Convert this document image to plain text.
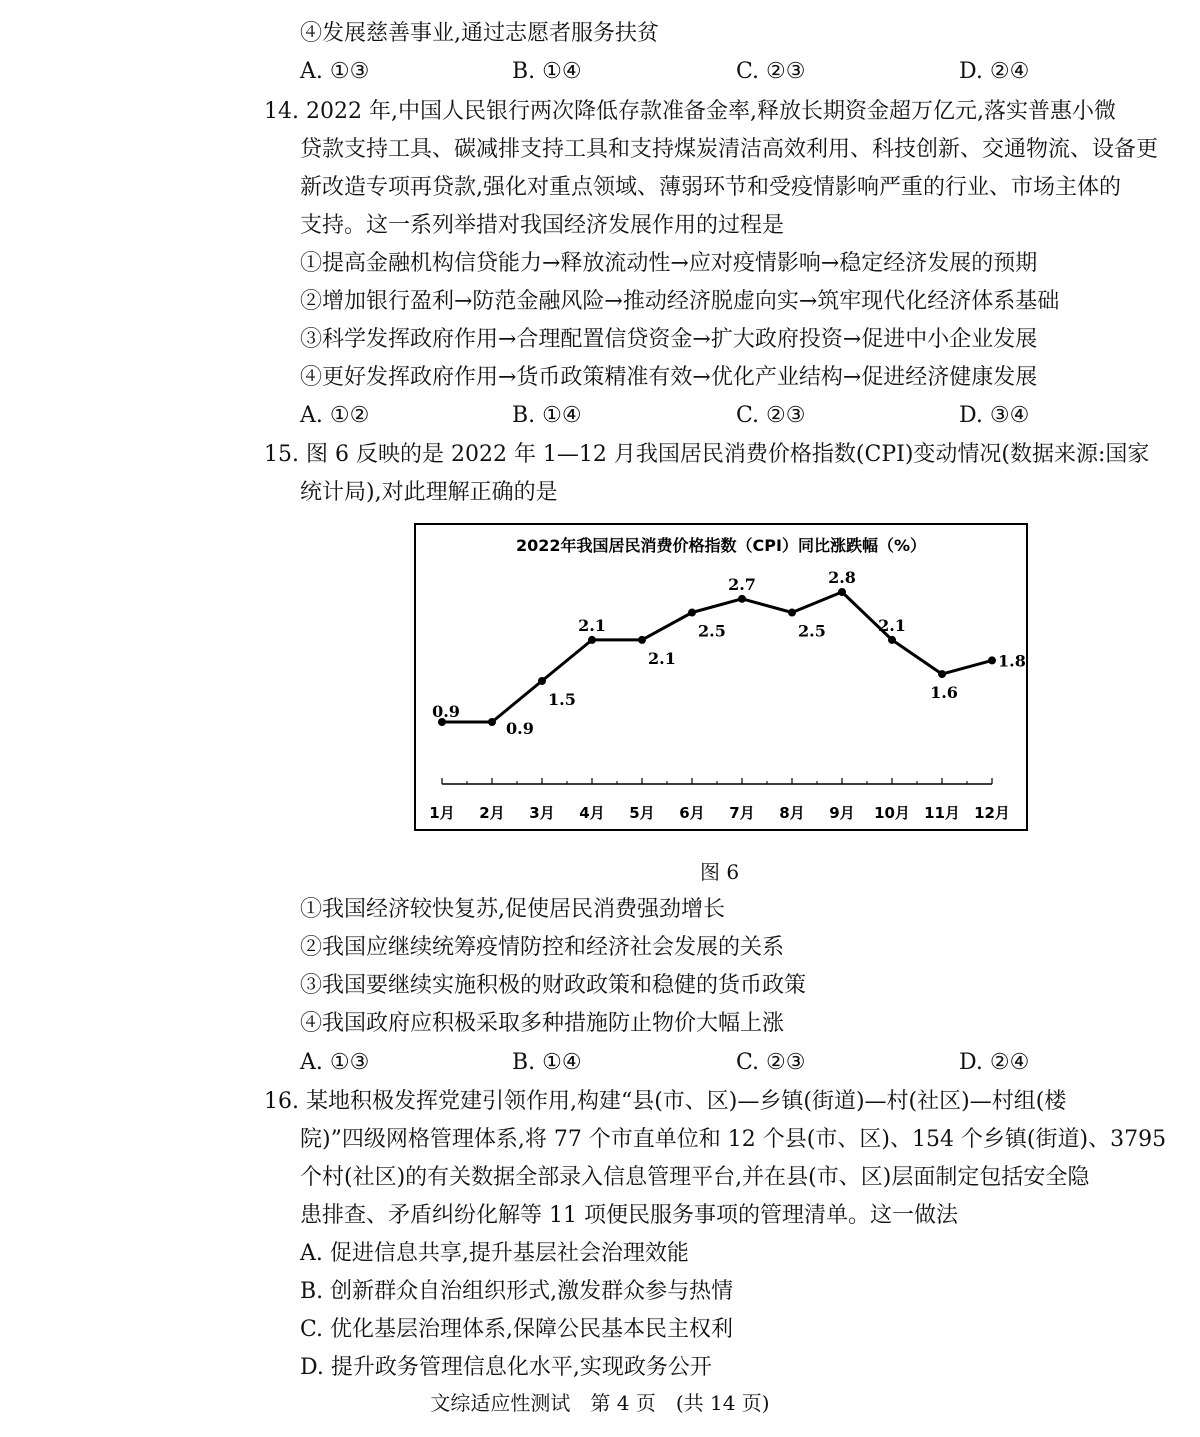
④发展慈善事业,通过志愿者服务扶贫
A. ①③	B. ①④	C. ②③	D. ②④
14. 2022 年,中国人民银行两次降低存款准备金率,释放长期资金超万亿元,落实普惠小微
贷款支持工具、碳减排支持工具和支持煤炭清洁高效利用、科技创新、交通物流、设备更
新改造专项再贷款,强化对重点领域、薄弱环节和受疫情影响严重的行业、市场主体的
支持。这一系列举措对我国经济发展作用的过程是
①提高金融机构信贷能力→释放流动性→应对疫情影响→稳定经济发展的预期
②增加银行盈利→防范金融风险→推动经济脱虚向实→筑牢现代化经济体系基础
③科学发挥政府作用→合理配置信贷资金→扩大政府投资→促进中小企业发展
④更好发挥政府作用→货币政策精准有效→优化产业结构→促进经济健康发展
A. ①②	B. ①④	C. ②③	D. ③④
15. 图 6 反映的是 2022 年 1—12 月我国居民消费价格指数(CPI)变动情况(数据来源:国家
统计局),对此理解正确的是
2022年我国居民消费价格指数（CPI）同比涨跌幅（%）
0.9
0.9
1.5
2.1
2.1
2.5
2.7
2.5
2.8
2.1
1.6
1.8
1月 2月 3月 4月 5月 6月 7月 8月 9月 10月 11月 12月
图 6
①我国经济较快复苏,促使居民消费强劲增长
②我国应继续统筹疫情防控和经济社会发展的关系
③我国要继续实施积极的财政政策和稳健的货币政策
④我国政府应积极采取多种措施防止物价大幅上涨
A. ①③	B. ①④	C. ②③	D. ②④
16. 某地积极发挥党建引领作用,构建“县(市、区)—乡镇(街道)—村(社区)—村组(楼
院)”四级网格管理体系,将 77 个市直单位和 12 个县(市、区)、154 个乡镇(街道)、3795
个村(社区)的有关数据全部录入信息管理平台,并在县(市、区)层面制定包括安全隐
患排查、矛盾纠纷化解等 11 项便民服务事项的管理清单。这一做法
A. 促进信息共享,提升基层社会治理效能
B. 创新群众自治组织形式,激发群众参与热情
C. 优化基层治理体系,保障公民基本民主权利
D. 提升政务管理信息化水平,实现政务公开
文综适应性测试　第 4 页　(共 14 页)
